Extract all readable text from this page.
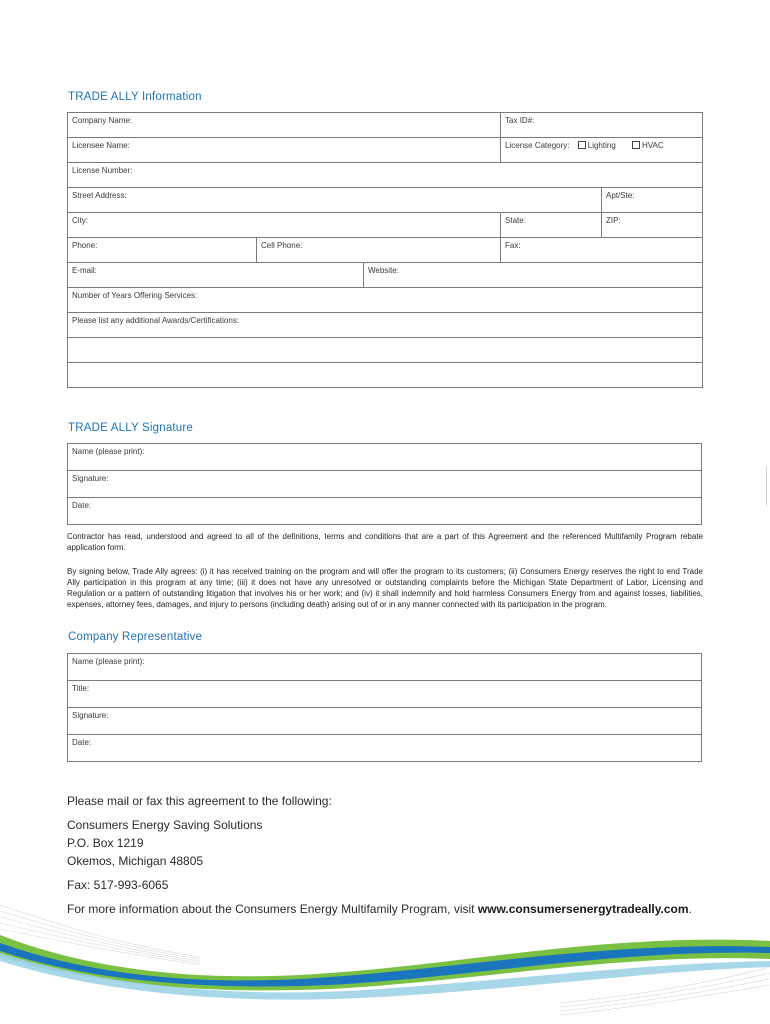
TRADE ALLY Information
Company Name:			Tax ID#:	
Licensee Name:			License Category: Lighting HVAC	
License Number:				
Street Address:				Apt/Ste:
City:			State:	ZIP:
Phone:	Cell Phone:		Fax:	
E-mail:		Website:		
Number of Years Offering Services:				
Please list any additional Awards/Certifications:				

TRADE ALLY Signature
Name (please print):
Signature:
Date:
Contractor has read, understood and agreed to all of the definitions, terms and conditions that are a part of this Agreement and the referenced Multifamily Program rebate application form.
By signing below, Trade Ally agrees: (i) it has received training on the program and will offer the program to its customers; (ii) Consumers Energy reserves the right to end Trade Ally participation in this program at any time; (iii) it does not have any unresolved or outstanding complaints before the Michigan State Department of Labor, Licensing and Regulation or a pattern of outstanding litigation that involves his or her work; and (iv) it shall indemnify and hold harmless Consumers Energy from and against losses, liabilities, expenses, attorney fees, damages, and injury to persons (including death) arising out of or in any manner connected with its participation in the program.
Company Representative
Name (please print):
Title:
Signature:
Date:
Please mail or fax this agreement to the following:
Consumers Energy Saving Solutions
P.O. Box 1219
Okemos, Michigan 48805
Fax: 517-993-6065
For more information about the Consumers Energy Multifamily Program, visit www.consumersenergytradeally.com.
